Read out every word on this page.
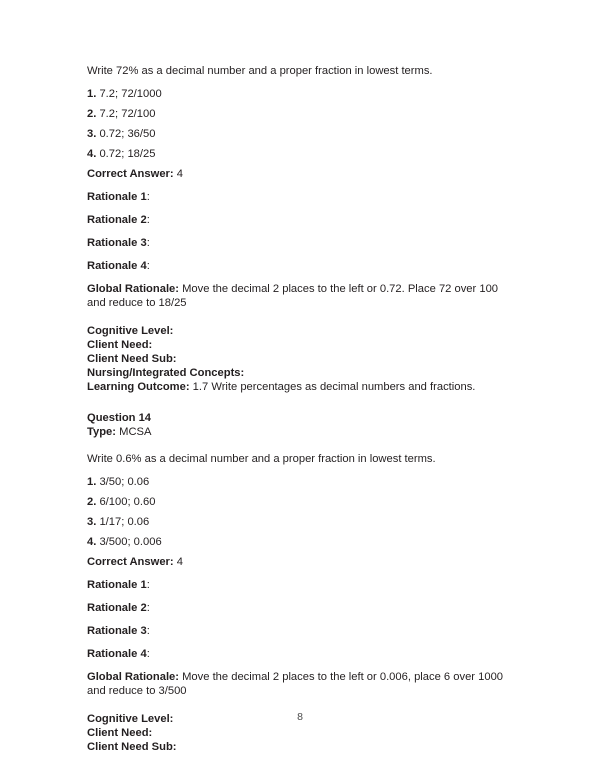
Write 72% as a decimal number and a proper fraction in lowest terms.

1. 7.2; 72/1000

2. 7.2; 72/100

3. 0.72; 36/50

4. 0.72; 18/25

Correct Answer: 4

Rationale 1:

Rationale 2:

Rationale 3:

Rationale 4:

Global Rationale: Move the decimal 2 places to the left or 0.72. Place 72 over 100 and reduce to 18/25

Cognitive Level:

Client Need:

Client Need Sub:

Nursing/Integrated Concepts:

Learning Outcome: 1.7 Write percentages as decimal numbers and fractions.

Question 14

Type: MCSA

Write 0.6% as a decimal number and a proper fraction in lowest terms.

1. 3/50; 0.06

2. 6/100; 0.60

3. 1/17; 0.06

4. 3/500; 0.006

Correct Answer: 4

Rationale 1:

Rationale 2:

Rationale 3:

Rationale 4:

Global Rationale: Move the decimal 2 places to the left or 0.006, place 6 over 1000 and reduce to 3/500

Cognitive Level:

Client Need:

Client Need Sub:

8
